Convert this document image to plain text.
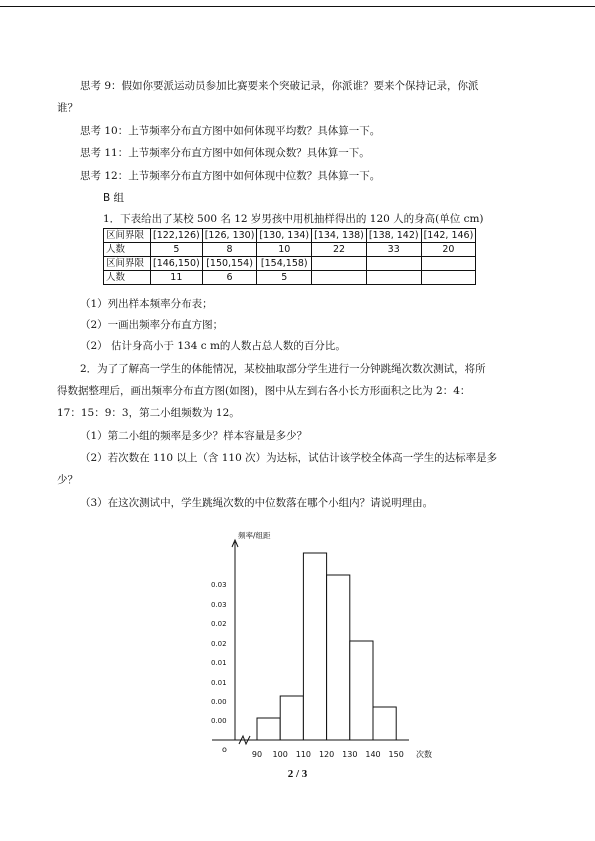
思考 9：假如你要派运动员参加比赛要来个突破记录，你派谁？要来个保持记录，你派
谁？
思考 10：上节频率分布直方图中如何体现平均数？具体算一下。
思考 11：上节频率分布直方图中如何体现众数？具体算一下。
思考 12：上节频率分布直方图中如何体现中位数？具体算一下。
B 组
1．下表给出了某校 500 名 12 岁男孩中用机抽样得出的 120 人的身高(单位 cm)
区间界限	[122,126)	[126, 130)	[130, 134)	[134, 138)	[138, 142)	[142, 146)
人数	5	8	10	22	33	20
区间界限	[146,150)	[150,154)	[154,158)			
人数	11	6	5			
（1）列出样本频率分布表；
（2）一画出频率分布直方图；
（2） 估计身高小于 134 c m的人数占总人数的百分比。
2．为了了解高一学生的体能情况，某校抽取部分学生进行一分钟跳绳次数次测试，将所
得数据整理后，画出频率分布直方图(如图)，图中从左到右各小长方形面积之比为 2：4：
17：15：9：3，第二小组频数为 12。
（1）第二小组的频率是多少？样本容量是多少？
（2）若次数在 110 以上（含 110 次）为达标，试估计该学校全体高一学生的达标率是多
少？
（3）在这次测试中，学生跳绳次数的中位数落在哪个小组内？请说明理由。
0.00
0.00
0.01
0.01
0.02
0.02
0.03
0.03
频率/组距
o
90 100 110 120 130 140 150 次数
2 / 3
